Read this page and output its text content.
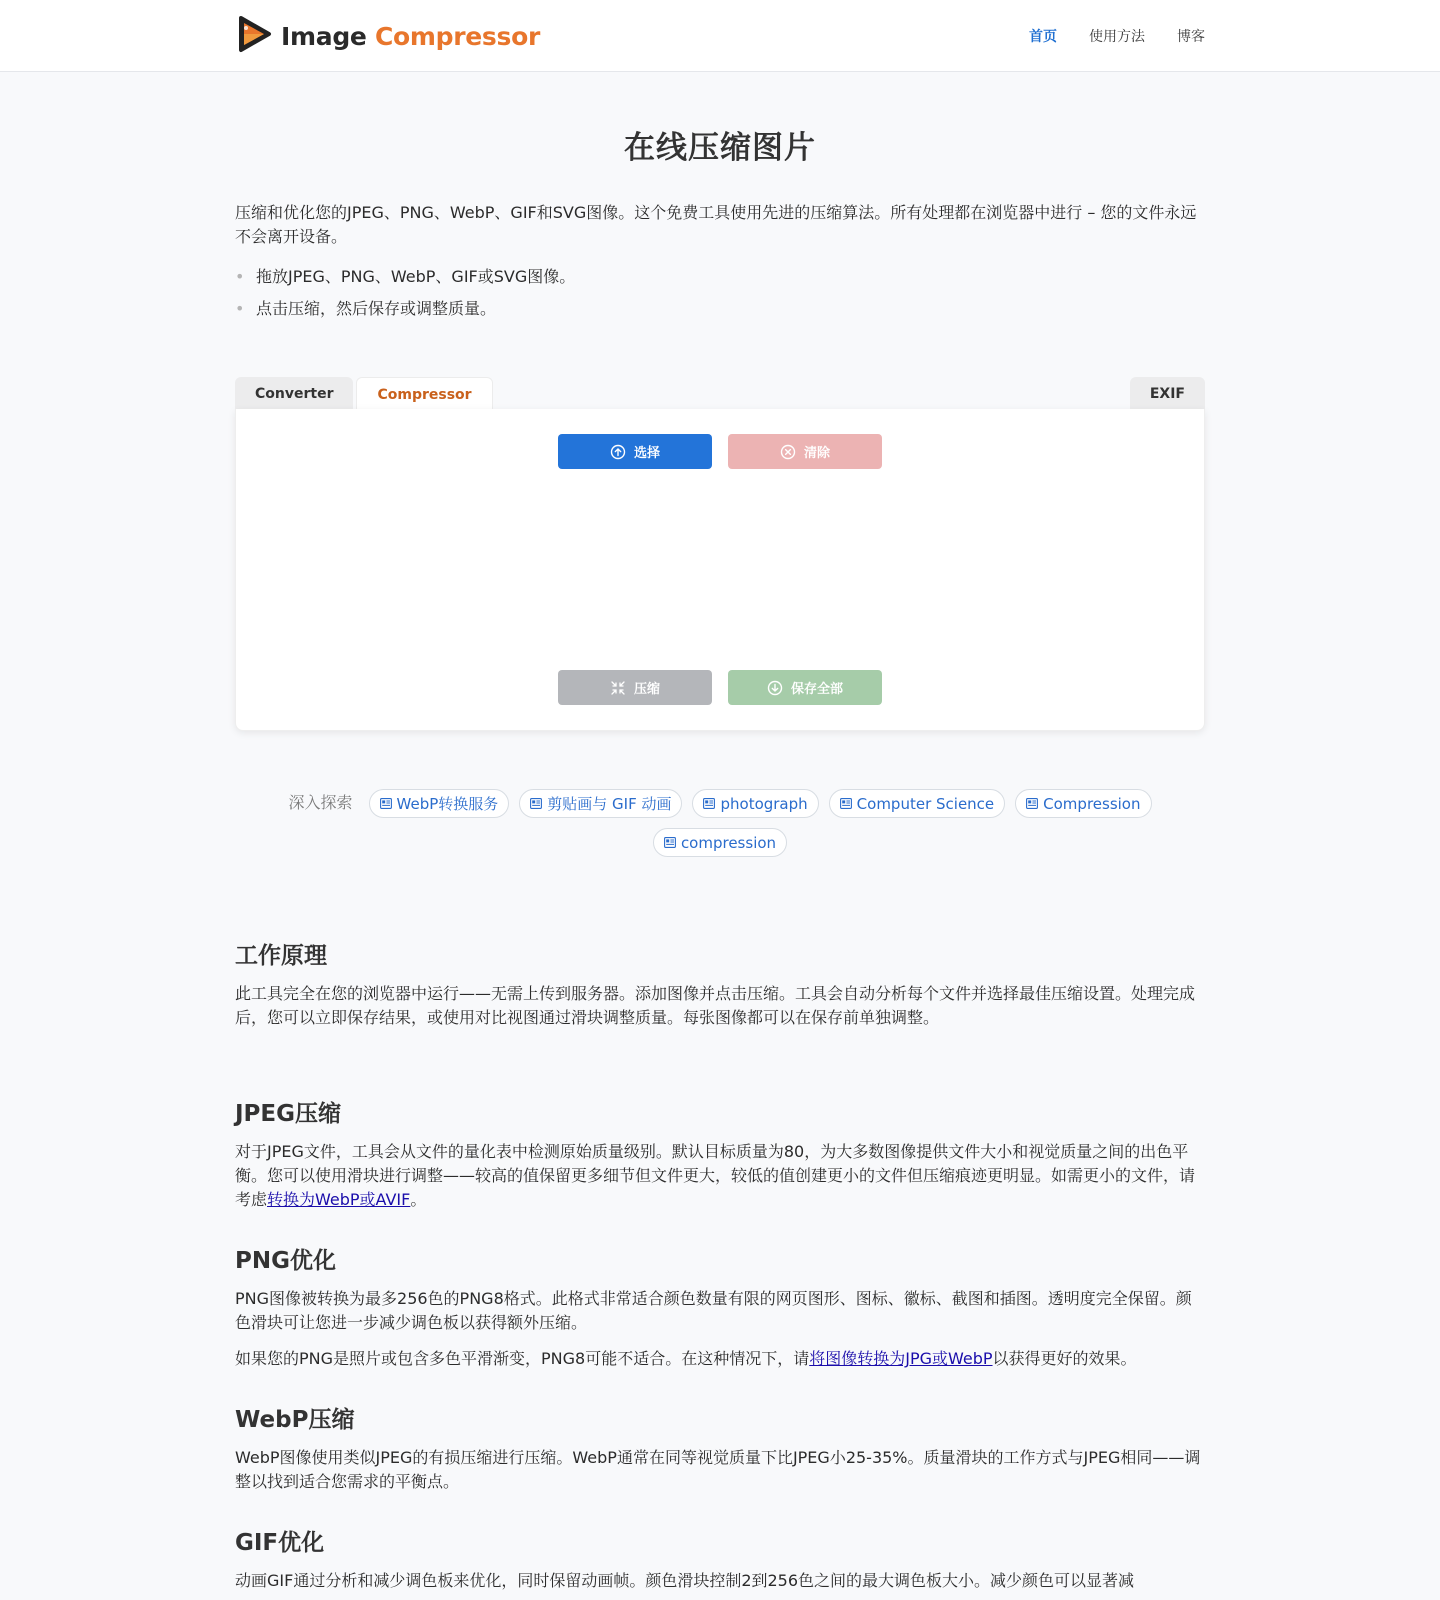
Image Compressor	首页 使用方法 博客
在线压缩图片

压缩和优化您的JPEG、PNG、WebP、GIF和SVG图像。这个免费工具使用先进的压缩算法。所有处理都在浏览器中进行 – 您的文件永远不会离开设备。

• 拖放JPEG、PNG、WebP、GIF或SVG图像。
• 点击压缩，然后保存或调整质量。
Converter	Compressor	EXIF
选择	清除
压缩	保存全部
深入探索	WebP转换服务	剪贴画与 GIF 动画	photograph	Computer Science	Compression
compression
工作原理

此工具完全在您的浏览器中运行——无需上传到服务器。添加图像并点击压缩。工具会自动分析每个文件并选择最佳压缩设置。处理完成后，您可以立即保存结果，或使用对比视图通过滑块调整质量。每张图像都可以在保存前单独调整。

JPEG压缩

对于JPEG文件，工具会从文件的量化表中检测原始质量级别。默认目标质量为80，为大多数图像提供文件大小和视觉质量之间的出色平衡。您可以使用滑块进行调整——较高的值保留更多细节但文件更大，较低的值创建更小的文件但压缩痕迹更明显。如需更小的文件，请考虑转换为WebP或AVIF。

PNG优化

PNG图像被转换为最多256色的PNG8格式。此格式非常适合颜色数量有限的网页图形、图标、徽标、截图和插图。透明度完全保留。颜色滑块可让您进一步减少调色板以获得额外压缩。

如果您的PNG是照片或包含多色平滑渐变，PNG8可能不适合。在这种情况下，请将图像转换为JPG或WebP以获得更好的效果。

WebP压缩

WebP图像使用类似JPEG的有损压缩进行压缩。WebP通常在同等视觉质量下比JPEG小25-35%。质量滑块的工作方式与JPEG相同——调整以找到适合您需求的平衡点。

GIF优化

动画GIF通过分析和减少调色板来优化，同时保留动画帧。颜色滑块控制2到256色之间的最大调色板大小。减少颜色可以显著减
